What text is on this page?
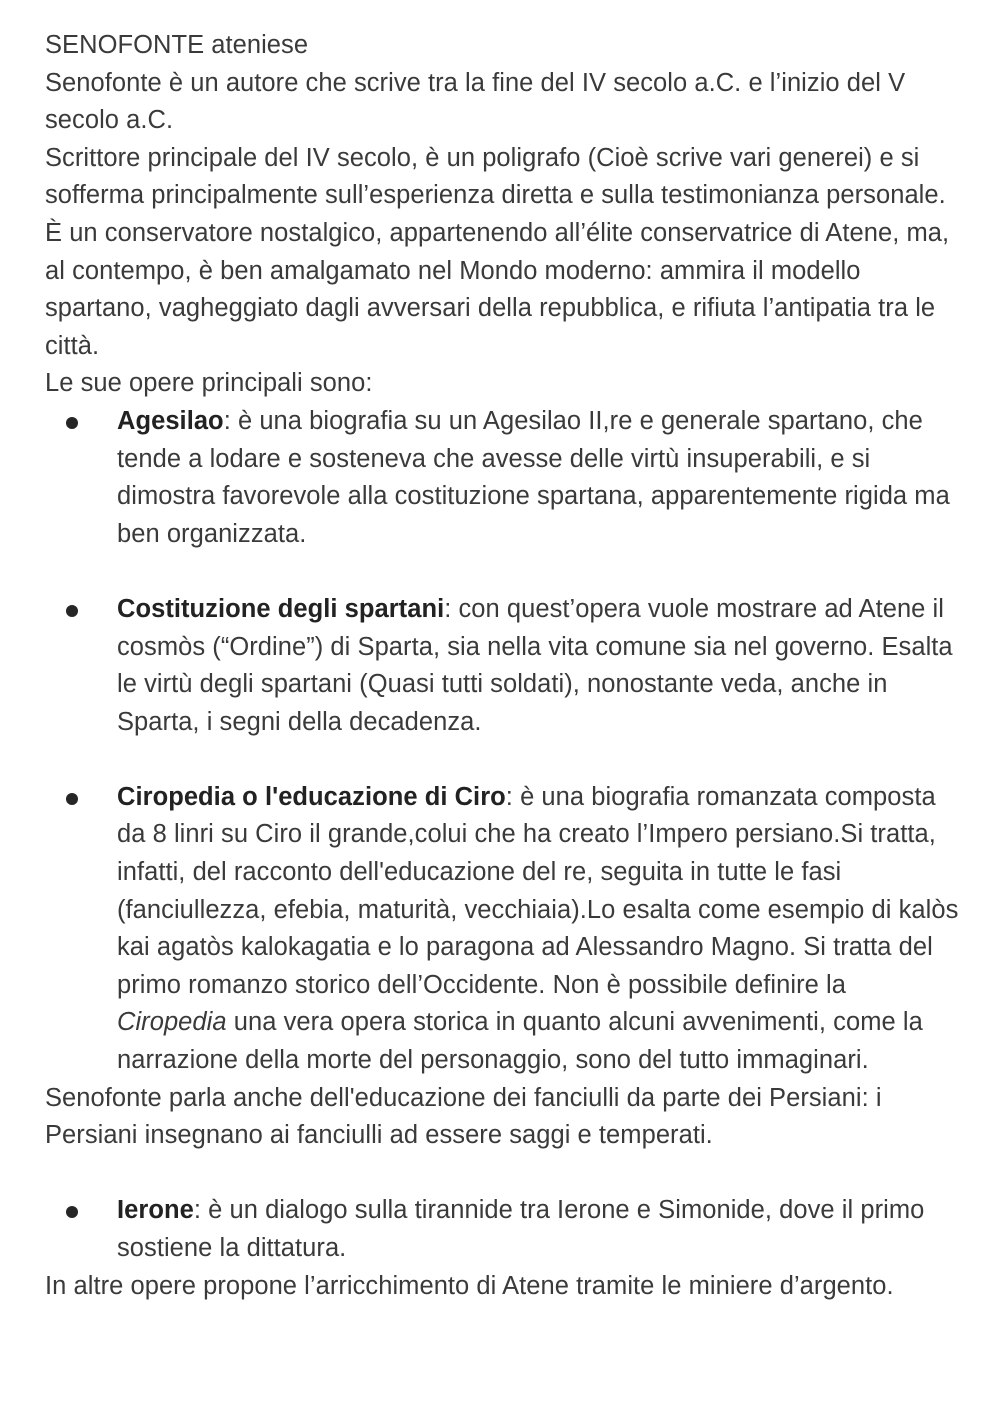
SENOFONTE ateniese

Senofonte è un autore che scrive tra la fine del IV secolo a.C. e l’inizio del V secolo a.C.

Scrittore principale del IV secolo, è un poligrafo (Cioè scrive vari generei) e si sofferma principalmente sull’esperienza diretta e sulla testimonianza personale. È un conservatore nostalgico, appartenendo all’élite conservatrice di Atene, ma, al contempo, è ben amalgamato nel Mondo moderno: ammira il modello spartano, vagheggiato dagli avversari della repubblica, e rifiuta l’antipatia tra le città.

Le sue opere principali sono:

Agesilao: è una biografia su un Agesilao II,re e generale spartano, che tende a lodare e sosteneva che avesse delle virtù insuperabili, e si dimostra favorevole alla costituzione spartana, apparentemente rigida ma ben organizzata.
Costituzione degli spartani: con quest’opera vuole mostrare ad Atene il cosmòs (“Ordine”) di Sparta, sia nella vita comune sia nel governo. Esalta le virtù degli spartani (Quasi tutti soldati), nonostante veda, anche in Sparta, i segni della decadenza.
Ciropedia o l'educazione di Ciro: è una biografia romanzata composta da 8 linri su Ciro il grande,colui che ha creato l’Impero persiano.Si tratta, infatti, del racconto dell'educazione del re, seguita in tutte le fasi (fanciullezza, efebia, maturità, vecchiaia).Lo esalta come esempio di kalòs kai agatòs kalokagatia e lo paragona ad Alessandro Magno. Si tratta del primo romanzo storico dell’Occidente. Non è possibile definire la Ciropedia una vera opera storica in quanto alcuni avvenimenti, come la narrazione della morte del personaggio, sono del tutto immaginari.

Senofonte parla anche dell'educazione dei fanciulli da parte dei Persiani: i Persiani insegnano ai fanciulli ad essere saggi e temperati.

Ierone: è un dialogo sulla tirannide tra Ierone e Simonide, dove il primo sostiene la dittatura.

In altre opere propone l’arricchimento di Atene tramite le miniere d’argento.
